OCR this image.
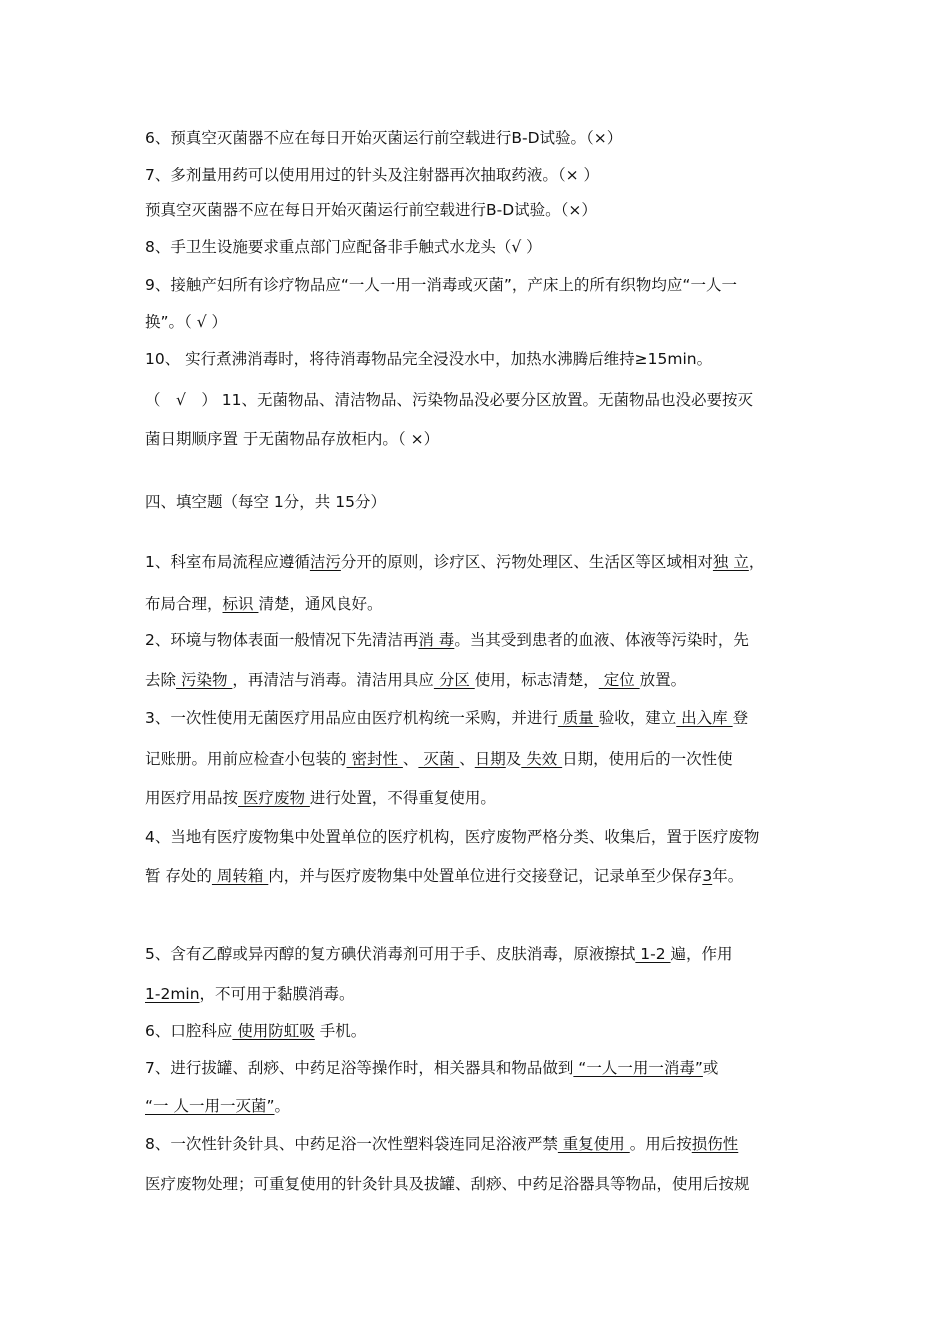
6、预真空灭菌器不应在每日开始灭菌运行前空载进行B-D试验。（×）
7、多剂量用药可以使用用过的针头及注射器再次抽取药液。（× ）
预真空灭菌器不应在每日开始灭菌运行前空载进行B-D试验。（×）
8、手卫生设施要求重点部门应配备非手触式水龙头（√ ）
9、接触产妇所有诊疗物品应“一人一用一消毒或灭菌”，产床上的所有织物均应“一人一
换”。（ √ ）
10、 实行煮沸消毒时，将待消毒物品完全浸没水中，加热水沸腾后维持≥15min。
（　√　） 11、无菌物品、清洁物品、污染物品没必要分区放置。无菌物品也没必要按灭
菌日期顺序置 于无菌物品存放柜内。（ ×）
四、填空题（每空 1分，共 15分）
1、科室布局流程应遵循洁污分开的原则，诊疗区、污物处理区、生活区等区域相对独 立，
布局合理，标识 清楚，通风良好。
2、环境与物体表面一般情况下先清洁再消 毒。当其受到患者的血液、体液等污染时，先
去除 污染物 ，再清洁与消毒。清洁用具应 分区 使用，标志清楚， 定位 放置。
3、一次性使用无菌医疗用品应由医疗机构统一采购，并进行 质量 验收，建立 出入库 登
记账册。用前应检查小包装的 密封性 、 灭菌 、日期及 失效 日期，使用后的一次性使
用医疗用品按 医疗废物 进行处置，不得重复使用。
4、当地有医疗废物集中处置单位的医疗机构，医疗废物严格分类、收集后，置于医疗废物
暂 存处的 周转箱 内，并与医疗废物集中处置单位进行交接登记，记录单至少保存3年。
5、含有乙醇或异丙醇的复方碘伏消毒剂可用于手、皮肤消毒，原液擦拭 1-2 遍，作用
1-2min，不可用于黏膜消毒。
6、口腔科应 使用防虹吸 手机。
7、进行拔罐、刮痧、中药足浴等操作时，相关器具和物品做到 “一人一用一消毒”或
“一 人一用一灭菌”。
8、一次性针灸针具、中药足浴一次性塑料袋连同足浴液严禁 重复使用 。用后按损伤性
医疗废物处理；可重复使用的针灸针具及拔罐、刮痧、中药足浴器具等物品，使用后按规
